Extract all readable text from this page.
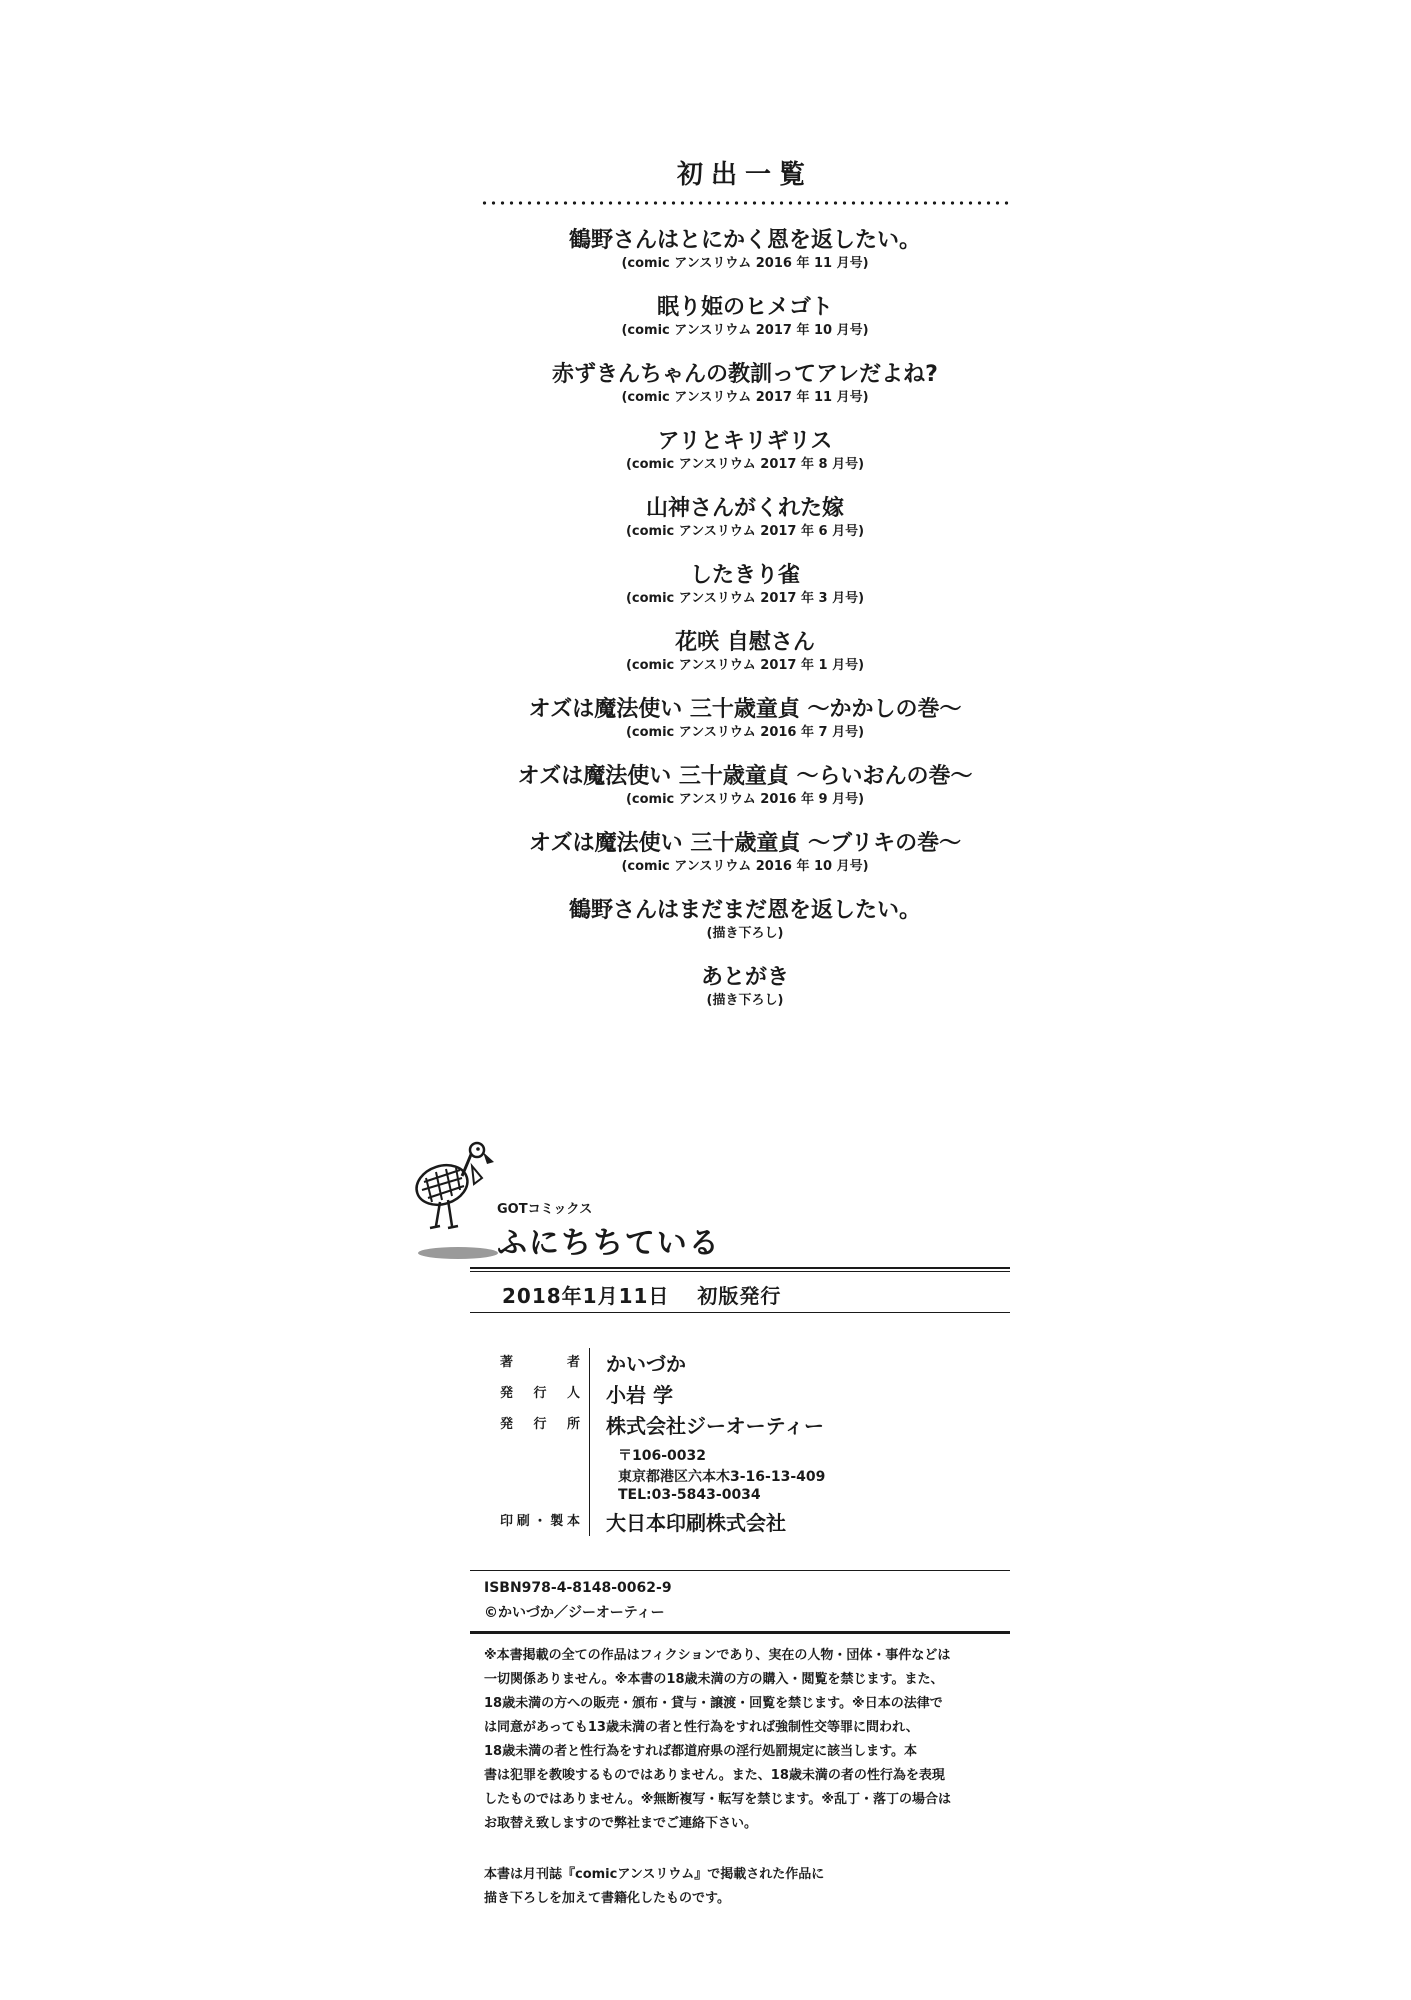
初出一覧
鶴野さんはとにかく恩を返したい。
(comic アンスリウム 2016 年 11 月号)
眠り姫のヒメゴト
(comic アンスリウム 2017 年 10 月号)
赤ずきんちゃんの教訓ってアレだよね?
(comic アンスリウム 2017 年 11 月号)
アリとキリギリス
(comic アンスリウム 2017 年 8 月号)
山神さんがくれた嫁
(comic アンスリウム 2017 年 6 月号)
したきり雀
(comic アンスリウム 2017 年 3 月号)
花咲 自慰さん
(comic アンスリウム 2017 年 1 月号)
オズは魔法使い 三十歳童貞 ～かかしの巻～
(comic アンスリウム 2016 年 7 月号)
オズは魔法使い 三十歳童貞 ～らいおんの巻～
(comic アンスリウム 2016 年 9 月号)
オズは魔法使い 三十歳童貞 ～ブリキの巻～
(comic アンスリウム 2016 年 10 月号)
鶴野さんはまだまだ恩を返したい。
(描き下ろし)
あとがき
(描き下ろし)
GOTコミックス
ふにちちている
2018年1月11日 初版発行
著 者 かいづか
発 行 人 小岩 学
発 行 所 株式会社ジーオーティー
〒106-0032
東京都港区六本木3-16-13-409
TEL:03-5843-0034
印刷・製本 大日本印刷株式会社
ISBN978-4-8148-0062-9
©かいづか／ジーオーティー
※本書掲載の全ての作品はフィクションであり、実在の人物・団体・事件などは
一切関係ありません。※本書の18歳未満の方の購入・閲覧を禁じます。また、
18歳未満の方への販売・頒布・貸与・譲渡・回覧を禁じます。※日本の法律で
は同意があっても13歳未満の者と性行為をすれば強制性交等罪に問われ、
18歳未満の者と性行為をすれば都道府県の淫行処罰規定に該当します。本
書は犯罪を教唆するものではありません。また、18歳未満の者の性行為を表現
したものではありません。※無断複写・転写を禁じます。※乱丁・落丁の場合は
お取替え致しますので弊社までご連絡下さい。
本書は月刊誌『comicアンスリウム』で掲載された作品に
描き下ろしを加えて書籍化したものです。
